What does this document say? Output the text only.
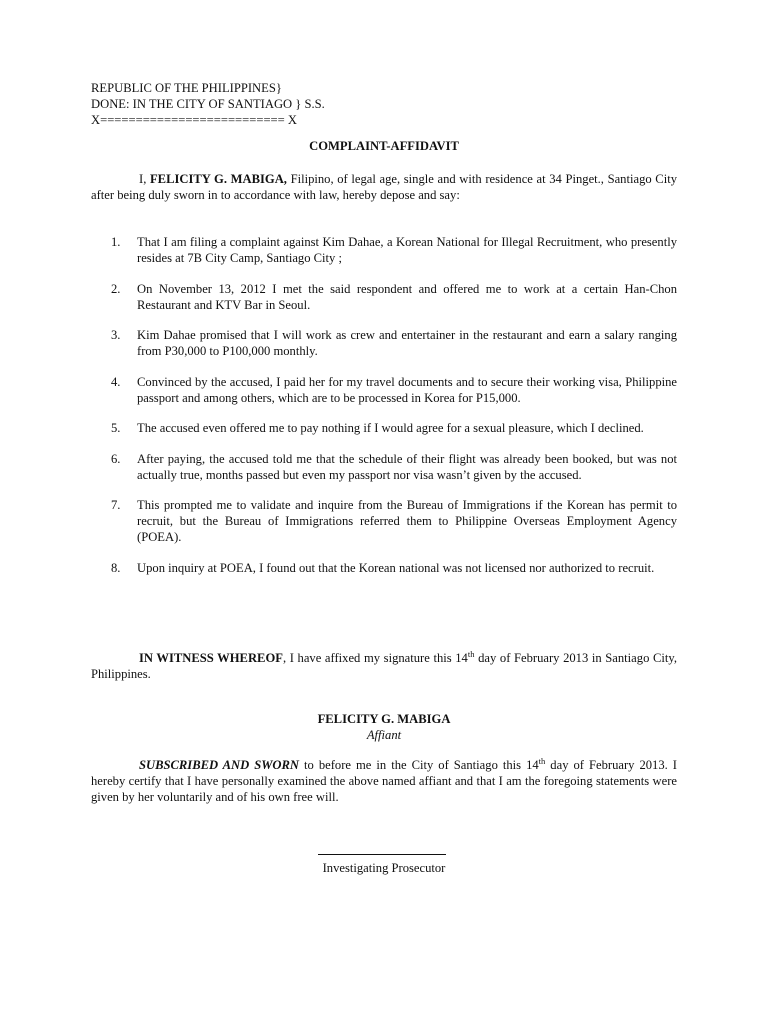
REPUBLIC OF THE PHILIPPINES}
DONE: IN THE CITY OF SANTIAGO } S.S.
X========================== X
COMPLAINT-AFFIDAVIT
I, FELICITY G. MABIGA, Filipino, of legal age, single and with residence at 34 Pinget., Santiago City after being duly sworn in to accordance with law, hereby depose and say:
1. That I am filing a complaint against Kim Dahae, a Korean National for Illegal Recruitment, who presently resides at 7B City Camp, Santiago City ;
2. On November 13, 2012 I met the said respondent and offered me to work at a certain Han-Chon Restaurant and KTV Bar in Seoul.
3. Kim Dahae promised that I will work as crew and entertainer in the restaurant and earn a salary ranging from P30,000 to P100,000 monthly.
4. Convinced by the accused, I paid her for my travel documents and to secure their working visa, Philippine passport and among others, which are to be processed in Korea for P15,000.
5. The accused even offered me to pay nothing if I would agree for a sexual pleasure, which I declined.
6. After paying, the accused told me that the schedule of their flight was already been booked, but was not actually true, months passed but even my passport nor visa wasn’t given by the accused.
7. This prompted me to validate and inquire from the Bureau of Immigrations if the Korean has permit to recruit, but the Bureau of Immigrations referred them to Philippine Overseas Employment Agency (POEA).
8. Upon inquiry at POEA, I found out that the Korean national was not licensed nor authorized to recruit.
IN WITNESS WHEREOF, I have affixed my signature this 14th day of February 2013 in Santiago City, Philippines.
FELICITY G. MABIGA
Affiant
SUBSCRIBED AND SWORN to before me in the City of Santiago this 14th day of February 2013. I hereby certify that I have personally examined the above named affiant and that I am the foregoing statements were given by her voluntarily and of his own free will.
Investigating Prosecutor
